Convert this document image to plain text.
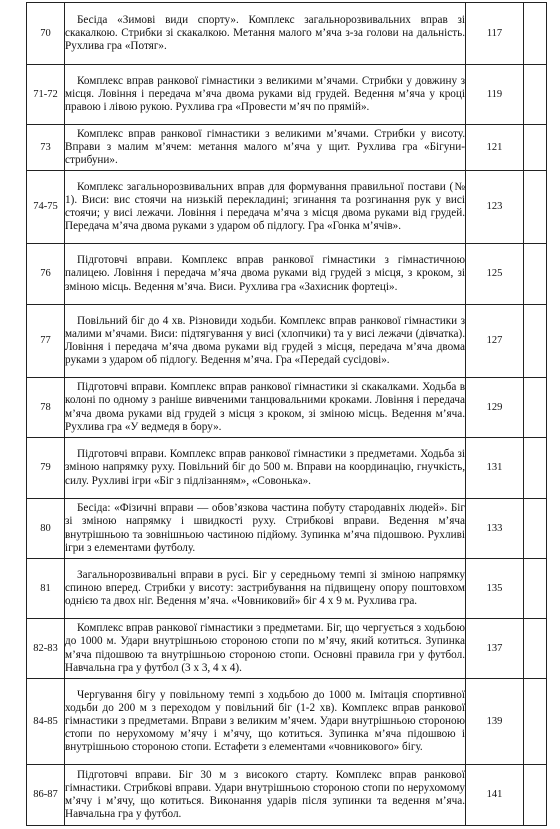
70	Бесіда «Зимові види спорту». Комплекс загальнорозвивальних вправ зі скакалкою. Стрибки зі скакалкою. Метання малого м’яча з-за голови на дальність. Рухлива гра «Потяг».	117	
71-72	Комплекс вправ ранкової гімнастики з великими м’ячами. Стрибки у довжину з місця. Ловіння і передача м’яча двома руками від грудей. Ведення м’яча у кроці правою і лівою рукою. Рухлива гра «Провести м’яч по прямій».	119	
73	Комплекс вправ ранкової гімнастики з великими м’ячами. Стрибки у висоту. Вправи з малим м’ячем: метання малого м’яча у щит. Рухлива гра «Бігуни-стрибуни».	121	
74-75	Комплекс загальнорозвивальних вправ для формування правильної постави (№ 1). Виси: вис стоячи на низькій перекладині; згинання та розгинання рук у висі стоячи; у висі лежачи. Ловіння і передача м’яча з місця двома руками від грудей. Передача м’яча двома руками з ударом об підлогу. Гра «Гонка м’ячів».	123	
76	Підготовчі вправи. Комплекс вправ ранкової гімнастики з гімнастичною палицею. Ловіння і передача м’яча двома руками від грудей з місця, з кроком, зі зміною місць. Ведення м’яча. Виси. Рухлива гра «Захисник фортеці».	125	
77	Повільний біг до 4 хв. Різновиди ходьби. Комплекс вправ ранкової гімнастики з малими м’ячами. Виси: підтягування у висі (хлопчики) та у висі лежачи (дівчатка). Ловіння і передача м’яча двома руками від грудей з місця, передача м’яча двома руками з ударом об підлогу. Ведення м’яча. Гра «Передай сусідові».	127	
78	Підготовчі вправи. Комплекс вправ ранкової гімнастики зі скакалками. Ходьба в колоні по одному з раніше вивченими танцювальними кроками. Ловіння і передача м’яча двома руками від грудей з місця з кроком, зі зміною місць. Ведення м’яча. Рухлива гра «У ведмедя в бору».	129	
79	Підготовчі вправи. Комплекс вправ ранкової гімнастики з предметами. Ходьба зі зміною напрямку руху. Повільний біг до 500 м. Вправи на координацію, гнучкість, силу. Рухливі ігри «Біг з підлізанням», «Совонька».	131	
80	Бесіда: «Фізичні вправи — обов’язкова частина побуту стародавніх людей». Біг зі зміною напрямку і швидкості руху. Стрибкові вправи. Ведення м’яча внутрішньою та зовнішньою частиною підйому. Зупинка м’яча підошвою. Рухливі ігри з елементами футболу.	133	
81	Загальнорозвивальні вправи в русі. Біг у середньому темпі зі зміною напрямку спиною вперед. Стрибки у висоту: застрибування на підвищену опору поштовхом однією та двох ніг. Ведення м’яча. «Човниковий» біг 4 х 9 м. Рухлива гра.	135	
82-83	Комплекс вправ ранкової гімнастики з предметами. Біг, що чергується з ходьбою до 1000 м. Удари внутрішньою стороною стопи по м’ячу, який котиться. Зупинка м’яча підошвою та внутрішньою стороною стопи. Основні правила гри у футбол. Навчальна гра у футбол (3 х 3, 4 х 4).	137	
84-85	Чергування бігу у повільному темпі з ходьбою до 1000 м. Імітація спортивної ходьби до 200 м з переходом у повільний біг (1-2 хв). Комплекс вправ ранкової гімнастики з предметами. Вправи з великим м’ячем. Удари внутрішньою стороною стопи по нерухомому м’ячу і м’ячу, що котиться. Зупинка м’яча підошвою і внутрішньою стороною стопи. Естафети з елементами «човникового» бігу.	139	
86-87	Підготовчі вправи. Біг 30 м з високого старту. Комплекс вправ ранкової гімнастики. Стрибкові вправи. Удари внутрішньою стороною стопи по нерухомому м’ячу і м’ячу, що котиться. Виконання ударів після зупинки та ведення м’яча. Навчальна гра у футбол.	141	
